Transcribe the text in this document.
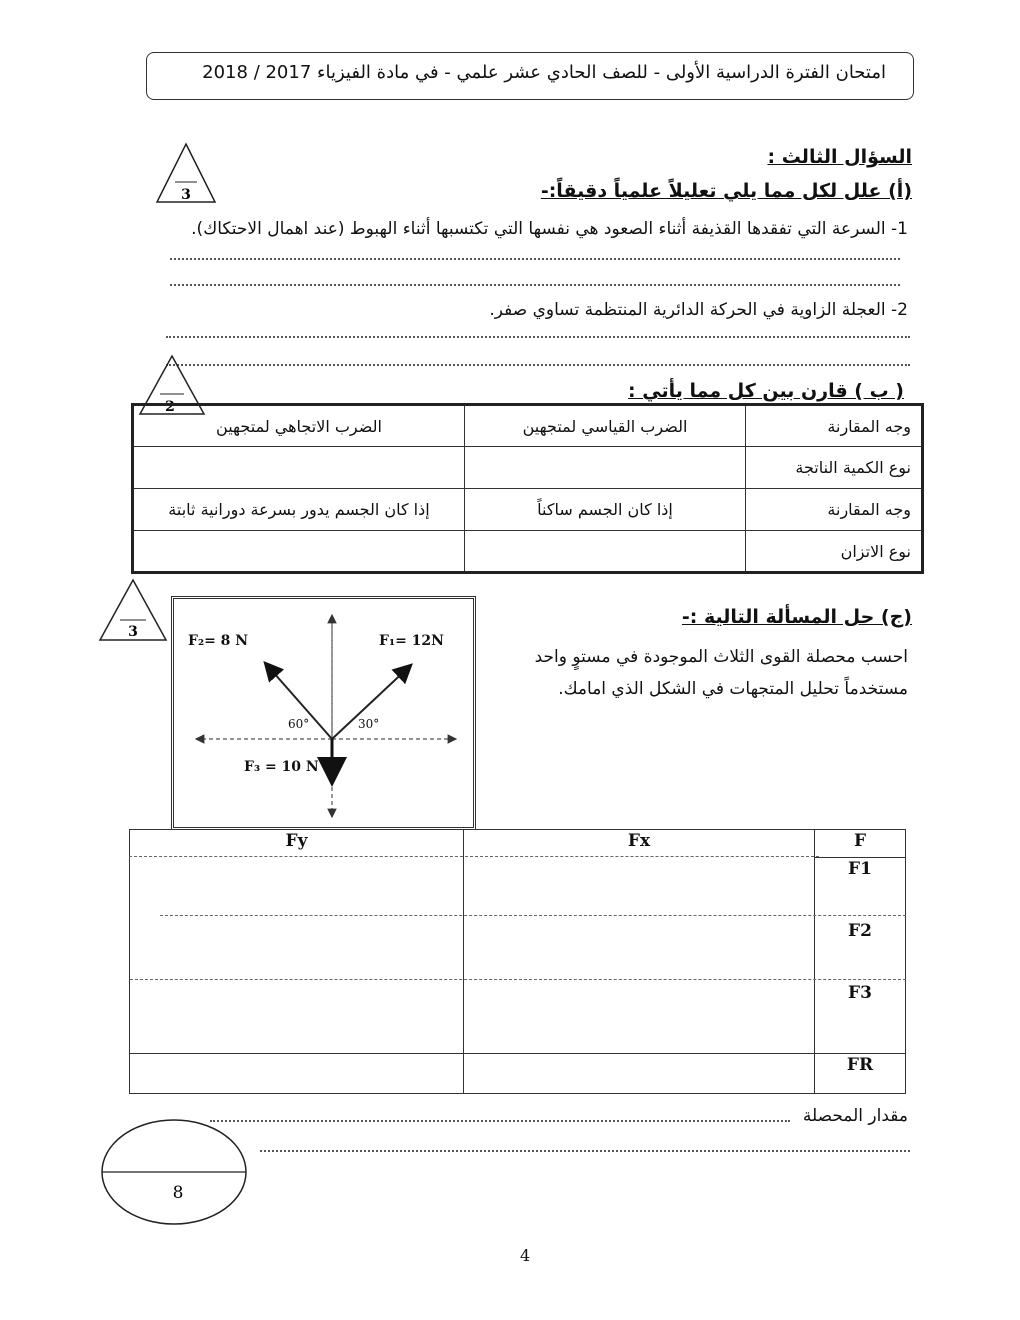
امتحان الفترة الدراسية الأولى - للصف الحادي عشر علمي - في مادة الفيزياء 2017 / 2018
السؤال الثالث :
3	(أ) علل لكل مما يلي تعليلاً علمياً دقيقاً:-
1- السرعة التي تفقدها القذيفة أثناء الصعود هي نفسها التي تكتسبها أثناء الهبوط (عند اهمال الاحتكاك).
2- العجلة الزاوية في الحركة الدائرية المنتظمة تساوي صفر.
2
( ب ) قارن بين كل مما يأتي :
وجه المقارنة	الضرب القياسي لمتجهين	الضرب الاتجاهي لمتجهين
نوع الكمية الناتجة		
وجه المقارنة	إذا كان الجسم ساكناً	إذا كان الجسم يدور بسرعة دورانية ثابتة
نوع الاتزان		
3
F₁= 12N
F₂= 8 N
F₃ = 10 N
30°
60°
(ج) حل المسألة التالية :-
احسب محصلة القوى الثلاث الموجودة في مستوٍ واحد
مستخدماً تحليل المتجهات في الشكل الذي امامك.
F	Fx	Fy
F1		
F2		
F3		
FR		
مقدار المحصلة
8
4
